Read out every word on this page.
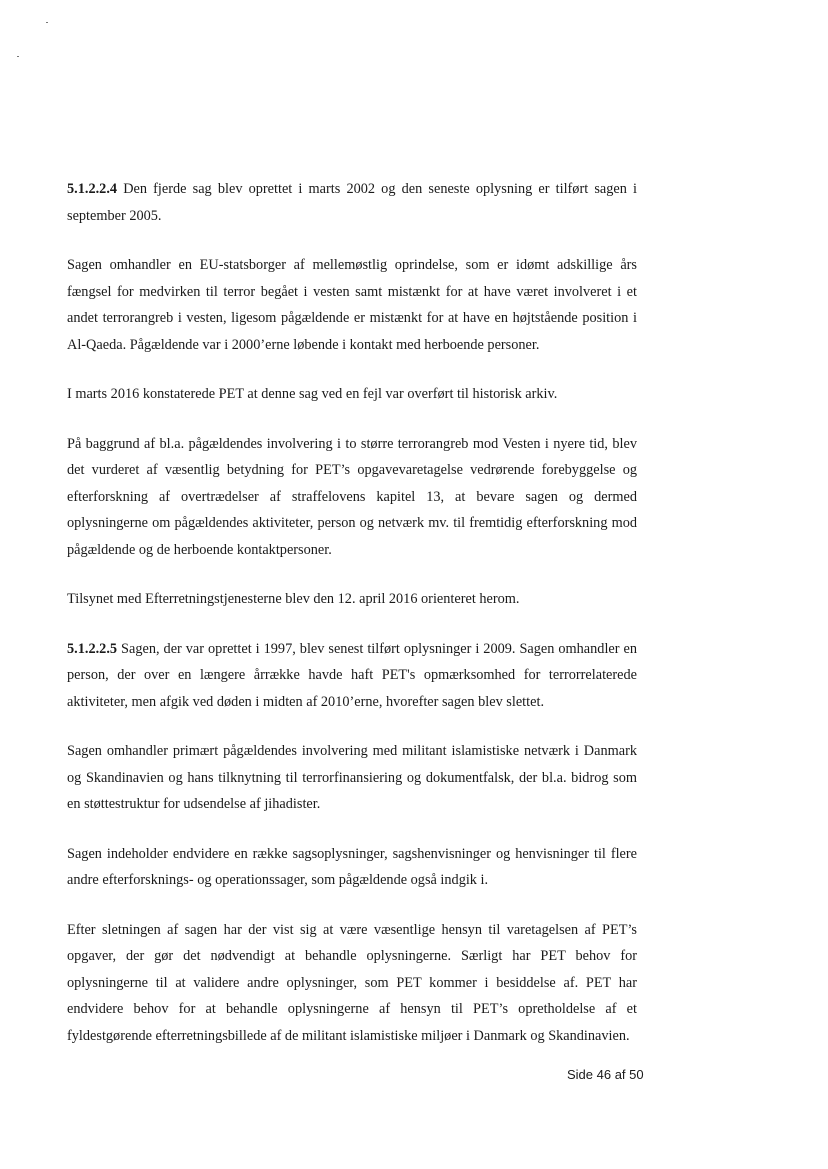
5.1.2.2.4 Den fjerde sag blev oprettet i marts 2002 og den seneste oplysning er tilført sagen i september 2005.

Sagen omhandler en EU-statsborger af mellemøstlig oprindelse, som er idømt adskillige års fængsel for medvirken til terror begået i vesten samt mistænkt for at have været involveret i et andet terrorangreb i vesten, ligesom pågældende er mistænkt for at have en højtstående position i Al-Qaeda. Pågældende var i 2000’erne løbende i kontakt med herboende personer.

I marts 2016 konstaterede PET at denne sag ved en fejl var overført til historisk arkiv.

På baggrund af bl.a. pågældendes involvering i to større terrorangreb mod Vesten i nyere tid, blev det vurderet af væsentlig betydning for PET’s opgavevaretagelse vedrørende forebyggelse og efterforskning af overtrædelser af straffelovens kapitel 13, at bevare sagen og dermed oplysningerne om pågældendes aktiviteter, person og netværk mv. til fremtidig efterforskning mod pågældende og de herboende kontaktpersoner.

Tilsynet med Efterretningstjenesterne blev den 12. april 2016 orienteret herom.

5.1.2.2.5 Sagen, der var oprettet i 1997, blev senest tilført oplysninger i 2009. Sagen omhandler en person, der over en længere årrække havde haft PET's opmærksomhed for terrorrelaterede aktiviteter, men afgik ved døden i midten af 2010’erne, hvorefter sagen blev slettet.

Sagen omhandler primært pågældendes involvering med militant islamistiske netværk i Danmark og Skandinavien og hans tilknytning til terrorfinansiering og dokumentfalsk, der bl.a. bidrog som en støttestruktur for udsendelse af jihadister.

Sagen indeholder endvidere en række sagsoplysninger, sagshenvisninger og henvisninger til flere andre efterforsknings- og operationssager, som pågældende også indgik i.

Efter sletningen af sagen har der vist sig at være væsentlige hensyn til varetagelsen af PET’s opgaver, der gør det nødvendigt at behandle oplysningerne. Særligt har PET behov for oplysningerne til at validere andre oplysninger, som PET kommer i besiddelse af. PET har endvidere behov for at behandle oplysningerne af hensyn til PET’s opretholdelse af et fyldestgørende efterretningsbillede af de militant islamistiske miljøer i Danmark og Skandinavien.

Side 46 af 50
